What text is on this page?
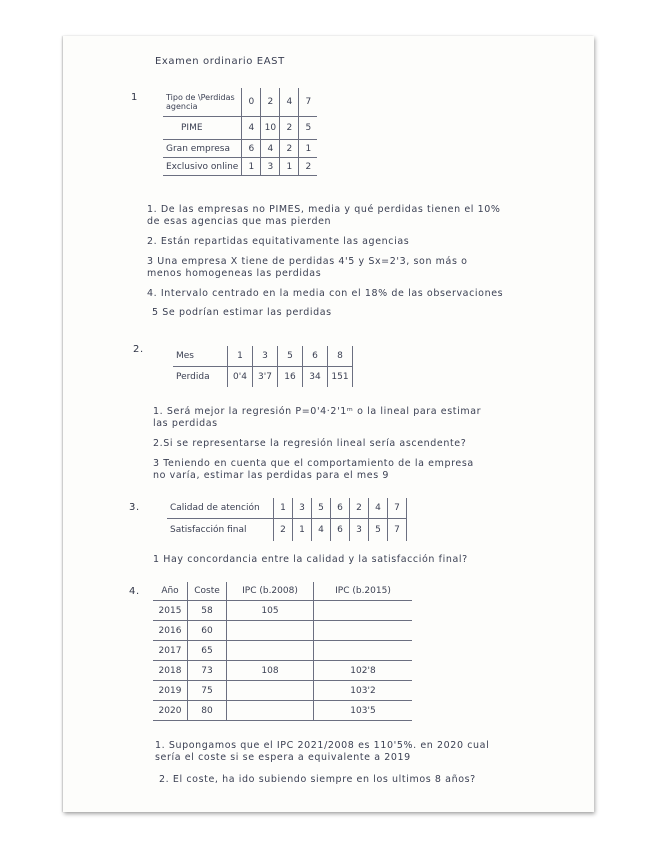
Examen ordinario EAST
1	Tipo de \Perdidas
agencia	0	2	4	7
PIME	4	10	2	5
Gran empresa	6	4	2	1
Exclusivo online	1	3	1	2
1. De las empresas no PIMES, media y qué perdidas tienen el 10%
de esas agencias que mas pierden
2. Están repartidas equitativamente las agencias
3 Una empresa X tiene de perdidas 4'5 y Sx=2'3, son más o
menos homogeneas las perdidas
4. Intervalo centrado en la media con el 18% de las observaciones
5 Se podrían estimar las perdidas
2.
Mes	1	3	5	6	8
Perdida	0'4	3'7	16	34	151
1. Será mejor la regresión P=0'4·2'1ᵐ o la lineal para estimar
las perdidas
2.Si se representarse la regresión lineal sería ascendente?
3 Teniendo en cuenta que el comportamiento de la empresa
no varía, estimar las perdidas para el mes 9
3.	Calidad de atención	1	3	5	6	2	4	7
Satisfacción final	2	1	4	6	3	5	7
1 Hay concordancia entre la calidad y la satisfacción final?
4. Año	Coste	IPC (b.2008)	IPC (b.2015)
2015	58	105	
2016	60		
2017	65		
2018	73	108	102'8
2019	75		103'2
2020	80		103'5
1. Supongamos que el IPC 2021/2008 es 110'5%. en 2020 cual
sería el coste si se espera a equivalente a 2019
2. El coste, ha ido subiendo siempre en los ultimos 8 años?
